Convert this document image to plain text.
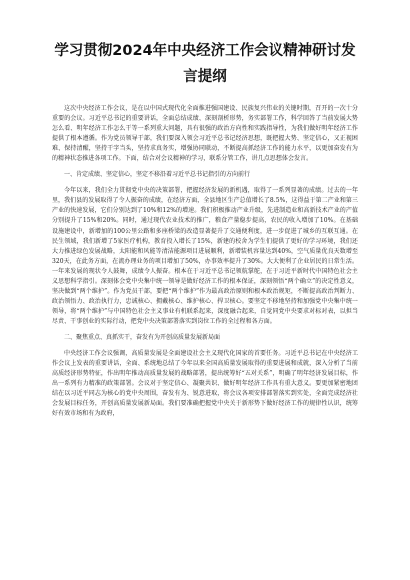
学习贯彻2024年中央经济工作会议精神研讨发言提纲

这次中央经济工作会议，是在以中国式现代化全面推进强国建设、民族复兴伟业的关键时期，召开的一次十分重要的会议。习近平总书记的重要讲话，全面总结成绩、深刻剖析形势，务实部署工作，科学回答了当前发展大势怎么看、明年经济工作怎么干等一系列重大问题，具有很强的政治方向性和实践指导性，为我们做好明年经济工作提供了根本遵循。作为党员领导干部，我们要深入领会习近平总书记经济思想，既把握大势、坚定信心，又正视困难、保持清醒，坚持干字当头，坚持求真务实，增强协同联动，不断提高抓经济工作的能力水平，以更加奋发有为的精神状态推进各项工作。下面，结合对会议精神的学习，联系分管工作，讲几点思想体会发言。

一、肯定成绩、坚定信心，坚定不移沿着习近平总书记指引的方向前行

今年以来，我们全力贯彻党中央的决策部署，把握经济发展的新机遇，取得了一系列显著的成绩。过去的一年里，我们县的发展取得了令人振奋的成绩，在经济方面，全县地区生产总值增长了8.5%，这得益于第二产业和第三产业的快速发展，它们分别达到了10%和12%的增速。我们积极推动产业升级，先进制造业和高新技术产业的产值分别提升了15%和20%。同时，通过现代农业技术的推广，粮食产量稳步提高，农民的收入增加了10%。在基础设施建设中，新增加的100公里公路和多座桥梁的改造显著提升了交通便利度，进一步促进了城乡的互联互通。在民生领域，我们新增了5家医疗机构，教育投入增长了15%，新建的校舍为学生们提供了更好的学习环境，我们还大力推进绿色发展战略，太阳能和风能等清洁能源项目进展顺利，新增装机容量达到40%，空气质量优良天数增至320天，在此务方面，在流办理业务的项目增加了50%，办事效率提升了30%。大大便利了企业居民的日常生活。一年来发展的现状令人鼓舞，成绩令人振奋。根本在于习近平总书记领航掌舵，在于习近平新时代中国特色社会主义思想科学指引。深刻体会党中央集中统一领导是做好经济工作的根本保证，深刻领悟“两个确立”的决定性意义，坚决做到“两个维护”。作为党员干部，要把“两个维护”作为最高政治原则和根本政治规矩，不断提高政治判断力、政治领悟力、政治执行力，忠诚核心、拥戴核心、维护核心、捍卫核心。要坚定不移地坚持和加强党中央集中统一领导，将“两个维护”与中国特色社会主义事业有机联系起来，深度融合起来，自觉同党中央要求对标对表，以担当尽责、干事创业的实际行动，把党中央决策部署落实到岗位工作的全过程和各方面。

二、聚焦重点、真抓实干，奋发有为开创高质量发展新局面

中央经济工作会议强调，高质量发展是全面建设社会主义现代化国家的首要任务。习近平总书记在中央经济工作会议上发表的重要讲话，全面、系统地总结了今年以来全国高质量发展取得的重要进展和成就，深入分析了当前高质经济形势特征，作出明年推动高质量发展的战略部署，提出统筹好“五对关系”，明确了明年经济发展目标，作出一系列有力精准的政策部署。会议对于坚定信心、凝聚共识、做好明年经济工作具有重大意义。要更加紧密地团结在以习近平同志为核心的党中央周围，奋发有为、锐意进取，将会议各项安排部署落实到实处，全面完成经济社会发展目标任务，开创高质量发展新局面。我们要准确把握党中央关于新形势下做好经济工作的规律性认识，统筹好有效市场和有为政府，
